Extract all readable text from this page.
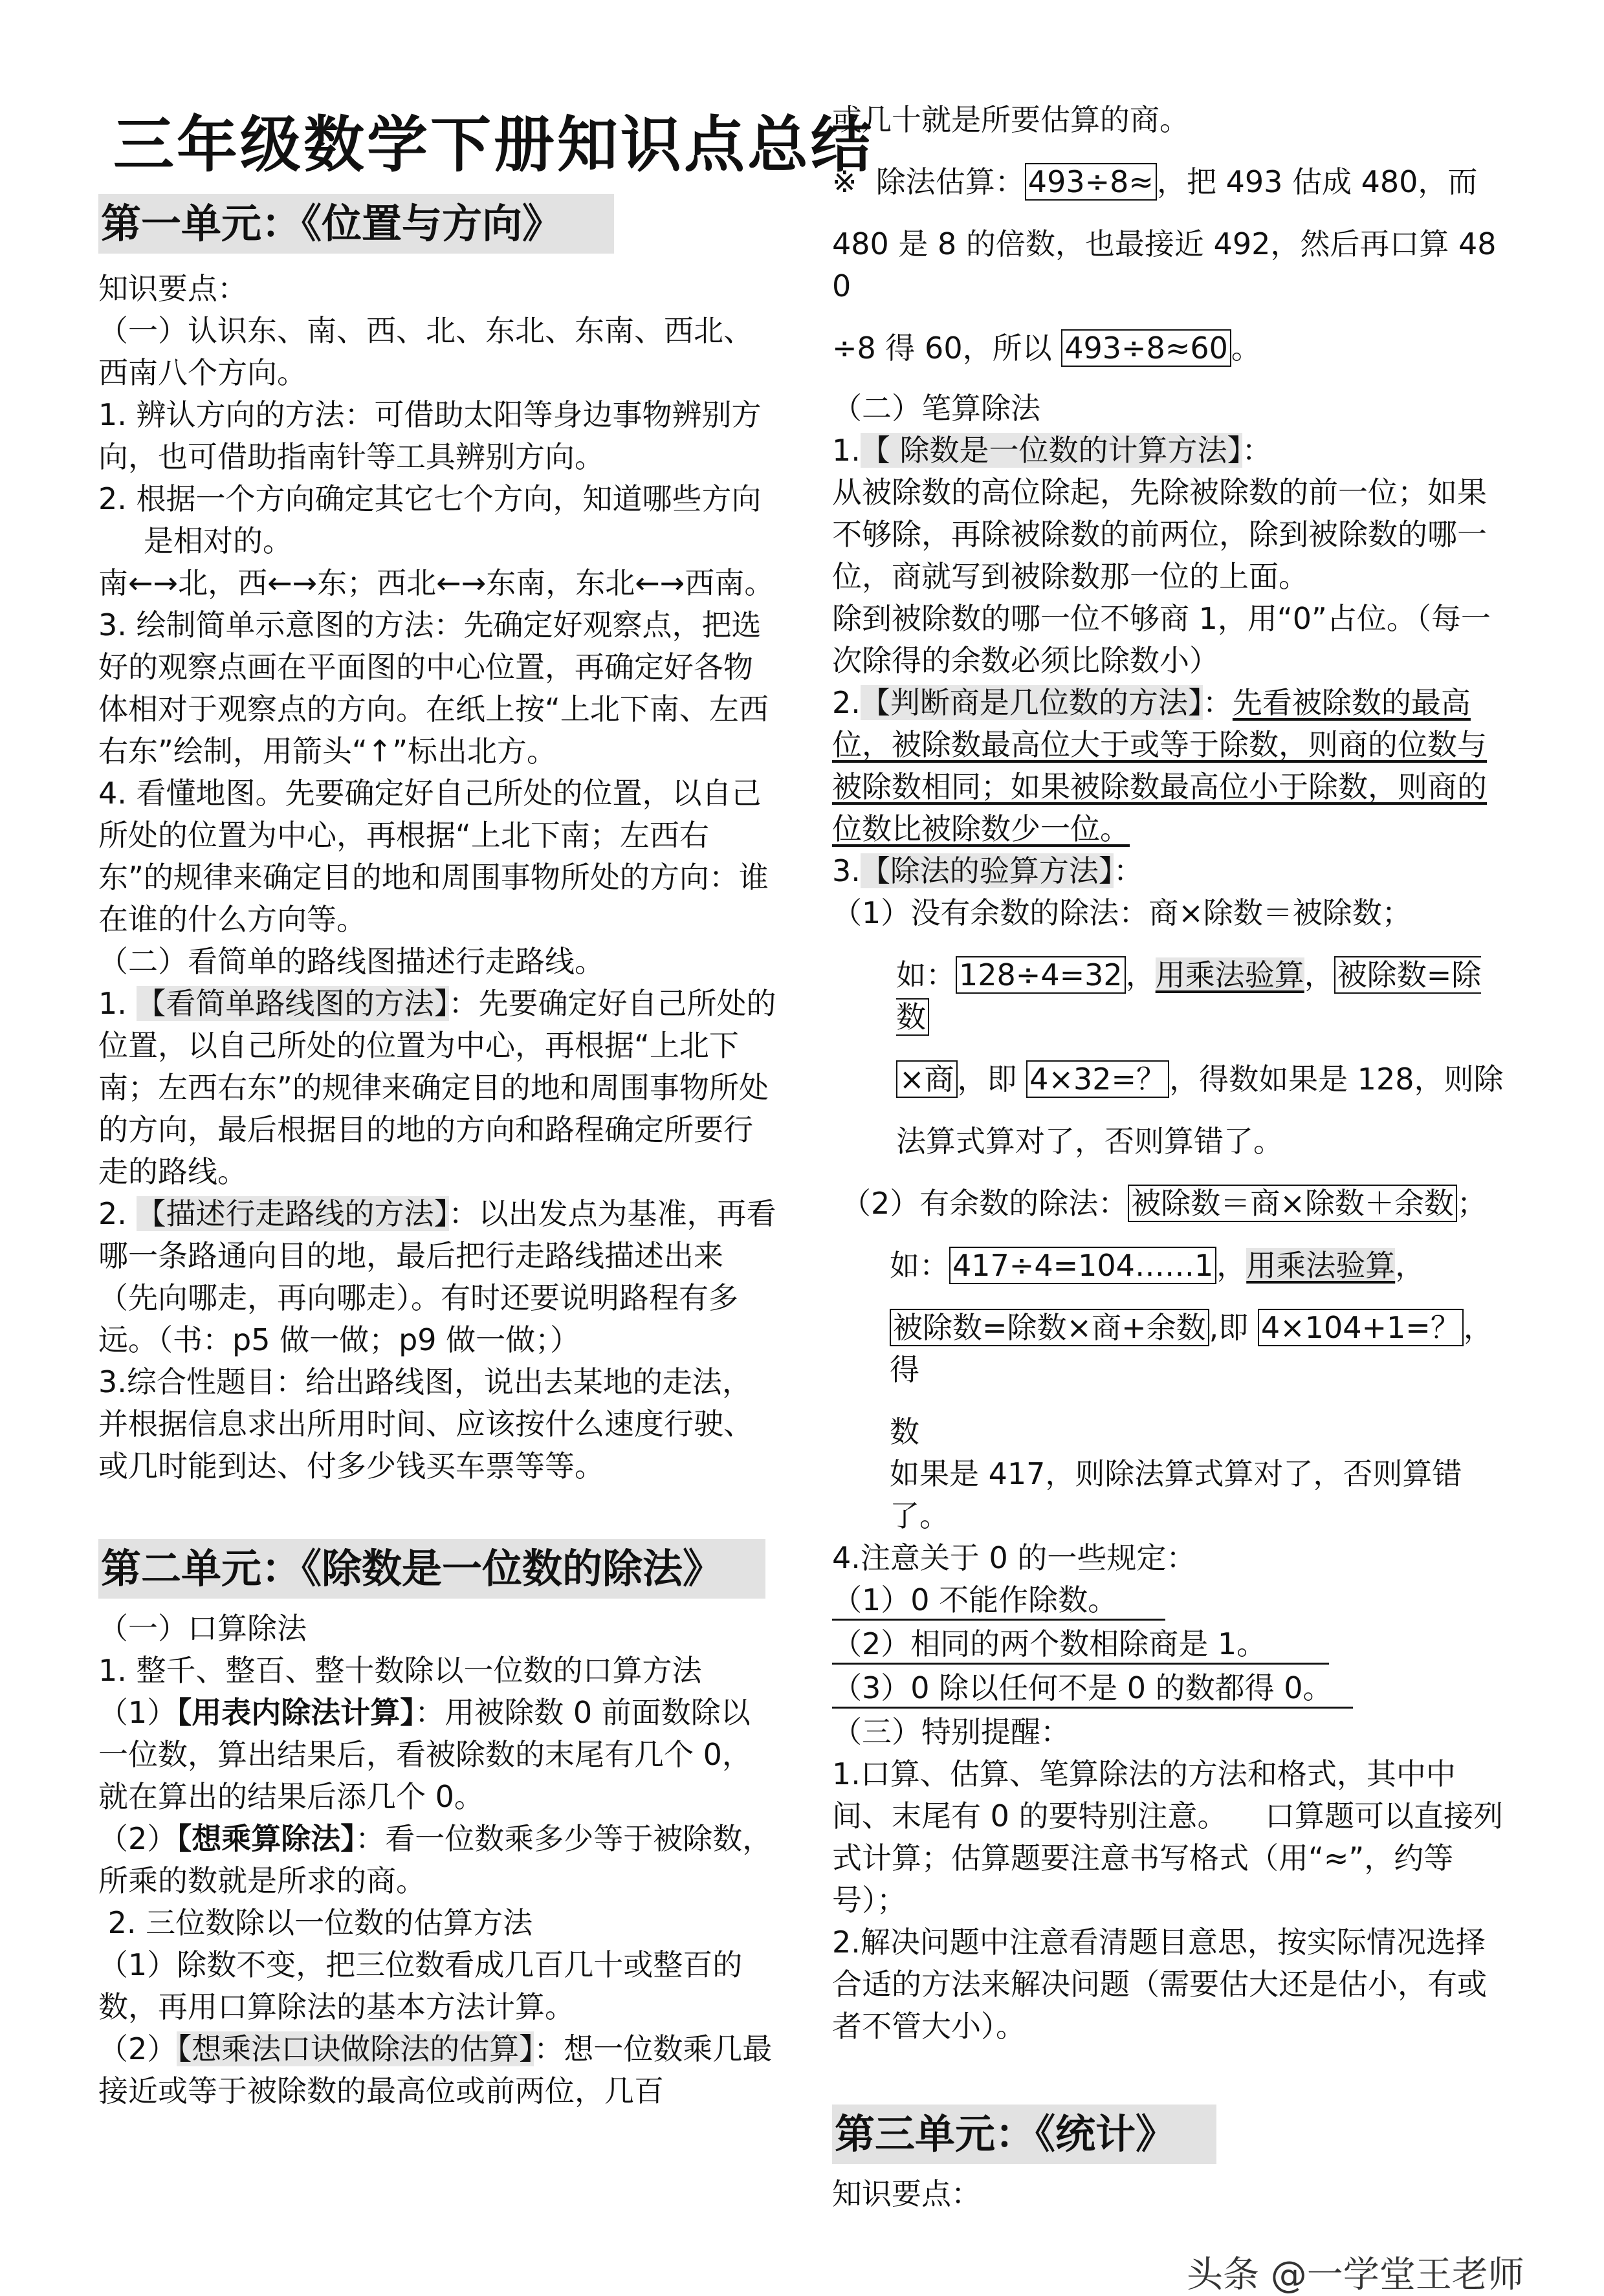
三年级数学下册知识点总结
第一单元：《位置与方向》
知识要点：
（一）认识东、南、西、北、东北、东南、西北、西南八个方向。
1. 辨认方向的方法：可借助太阳等身边事物辨别方向，也可借助指南针等工具辨别方向。
2. 根据一个方向确定其它七个方向，知道哪些方向是相对的。
南←→北，西←→东；西北←→东南，东北←→西南。
3. 绘制简单示意图的方法：先确定好观察点，把选好的观察点画在平面图的中心位置，再确定好各物体相对于观察点的方向。在纸上按“上北下南、左西右东”绘制，用箭头“↑”标出北方。
4. 看懂地图。先要确定好自己所处的位置，以自己所处的位置为中心，再根据“上北下南；左西右东”的规律来确定目的地和周围事物所处的方向：谁在谁的什么方向等。
（二）看简单的路线图描述行走路线。
1. 【看简单路线图的方法】：先要确定好自己所处的位置，以自己所处的位置为中心，再根据“上北下南；左西右东”的规律来确定目的地和周围事物所处的方向，最后根据目的地的方向和路程确定所要行走的路线。
2. 【描述行走路线的方法】：以出发点为基准，再看哪一条路通向目的地，最后把行走路线描述出来（先向哪走，再向哪走）。有时还要说明路程有多远。（书：p5 做一做；p9 做一做；）
3.综合性题目：给出路线图，说出去某地的走法，并根据信息求出所用时间、应该按什么速度行驶、或几时能到达、付多少钱买车票等等。
第二单元：《除数是一位数的除法》
（一）口算除法
1. 整千、整百、整十数除以一位数的口算方法
（1）【用表内除法计算】：用被除数 0 前面数除以一位数，算出结果后，看被除数的末尾有几个 0，就在算出的结果后添几个 0。
（2）【想乘算除法】：看一位数乘多少等于被除数，所乘的数就是所求的商。
2. 三位数除以一位数的估算方法
（1）除数不变，把三位数看成几百几十或整百的数，再用口算除法的基本方法计算。
（2）【想乘法口诀做除法的估算】：想一位数乘几最接近或等于被除数的最高位或前两位，几百
或几十就是所要估算的商。
※  除法估算： 493÷8≈ ，把 493 估成 480，而
480 是 8 的倍数，也最接近 492，然后再口算 480
÷8 得 60，所以 493÷8≈60 。
（二）笔算除法
1.【 除数是一位数的计算方法】：
从被除数的高位除起，先除被除数的前一位；如果不够除，再除被除数的前两位，除到被除数的哪一位，商就写到被除数那一位的上面。
除到被除数的哪一位不够商 1，用“0”占位。（每一次除得的余数必须比除数小）
2.【判断商是几位数的方法】：先看被除数的最高位，被除数最高位大于或等于除数，则商的位数与被除数相同；如果被除数最高位小于除数，则商的位数比被除数少一位。
3.【除法的验算方法】：
（1）没有余数的除法：商×除数＝被除数；
如： 128÷4=32 ，用乘法验算， 被除数=除数
×商 ，即 4×32=？ ，得数如果是 128，则除
法算式算对了，否则算错了。
（2）有余数的除法： 被除数＝商×除数＋余数 ；
如： 417÷4=104……1 ，用乘法验算，
被除数=除数×商+余数 ,即 4×104+1=？ ，得
数
如果是 417，则除法算式算对了，否则算错了。
4.注意关于 0 的一些规定：
（1）0 不能作除数。
（2）相同的两个数相除商是 1。
（3）0 除以任何不是 0 的数都得 0。
（三）特别提醒：
1.口算、估算、笔算除法的方法和格式，其中中间、末尾有 0 的要特别注意。    口算题可以直接列式计算；估算题要注意书写格式（用“≈”，约等号）；
2.解决问题中注意看清题目意思，按实际情况选择合适的方法来解决问题（需要估大还是估小，有或者不管大小）。
第三单元：《统计》
知识要点：
头条 @一学堂王老师
